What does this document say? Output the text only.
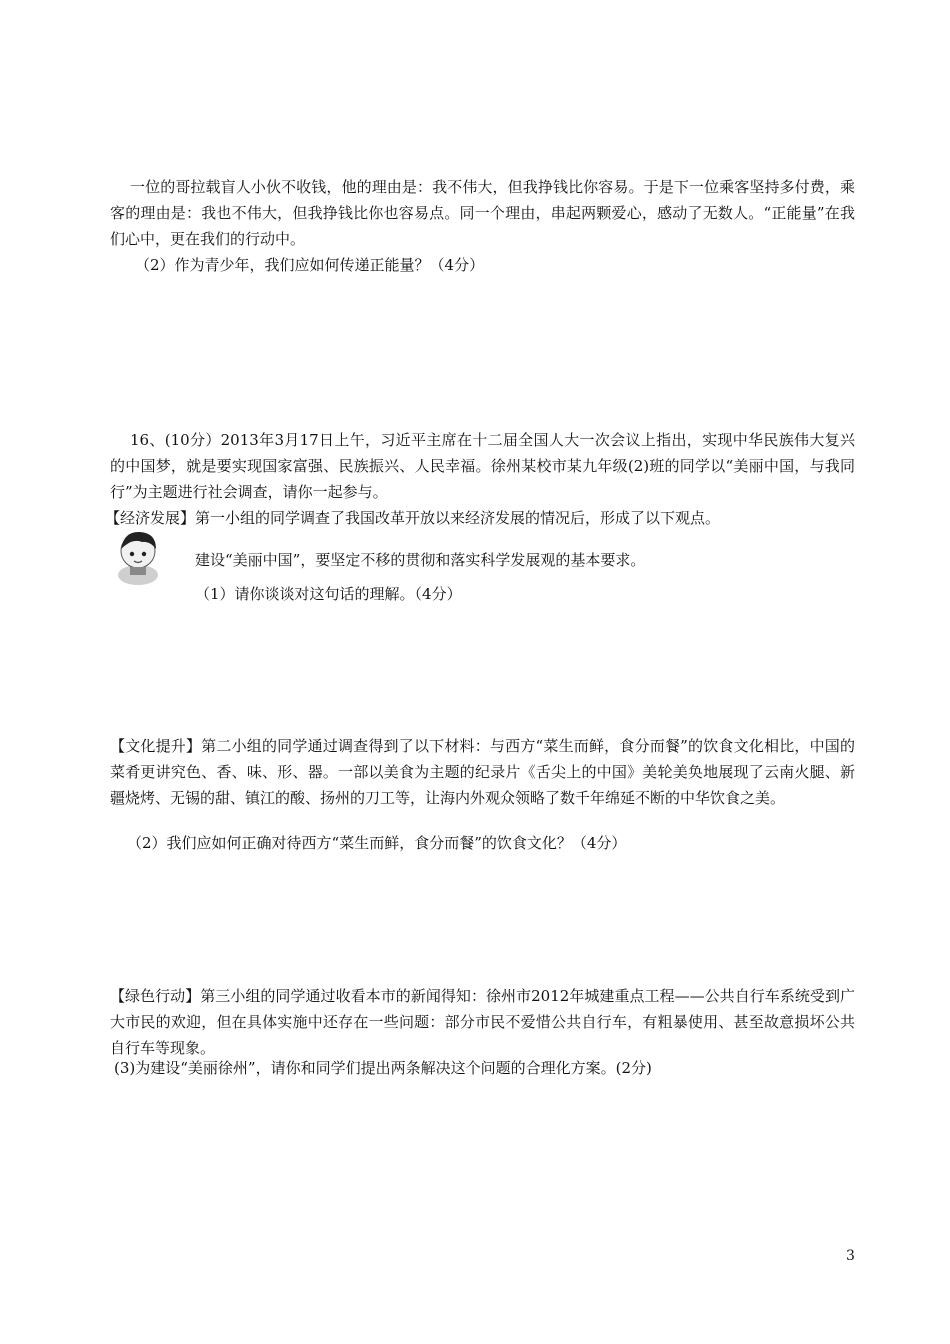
一位的哥拉载盲人小伙不收钱，他的理由是：我不伟大，但我挣钱比你容易。于是下一位乘客坚持多付费，乘客的理由是：我也不伟大，但我挣钱比你也容易点。同一个理由，串起两颗爱心，感动了无数人。“正能量”在我们心中，更在我们的行动中。

（2）作为青少年，我们应如何传递正能量？（4分）

16、(10分）2013年3月17日上午，习近平主席在十二届全国人大一次会议上指出，实现中华民族伟大复兴的中国梦，就是要实现国家富强、民族振兴、人民幸福。徐州某校市某九年级(2)班的同学以“美丽中国，与我同行”为主题进行社会调查，请你一起参与。

【经济发展】第一小组的同学调查了我国改革开放以来经济发展的情况后，形成了以下观点。

建设“美丽中国”，要坚定不移的贯彻和落实科学发展观的基本要求。

（1）请你谈谈对这句话的理解。（4分）

【文化提升】第二小组的同学通过调查得到了以下材料：与西方“菜生而鲜，食分而餐”的饮食文化相比，中国的菜肴更讲究色、香、味、形、器。一部以美食为主题的纪录片《舌尖上的中国》美轮美奂地展现了云南火腿、新疆烧烤、无锡的甜、镇江的酸、扬州的刀工等，让海内外观众领略了数千年绵延不断的中华饮食之美。

（2）我们应如何正确对待西方“菜生而鲜，食分而餐”的饮食文化？（4分）

【绿色行动】第三小组的同学通过收看本市的新闻得知：徐州市2012年城建重点工程——公共自行车系统受到广大市民的欢迎，但在具体实施中还存在一些问题：部分市民不爱惜公共自行车，有粗暴使用、甚至故意损坏公共自行车等现象。

(3)为建设“美丽徐州”，请你和同学们提出两条解决这个问题的合理化方案。(2分)

3
